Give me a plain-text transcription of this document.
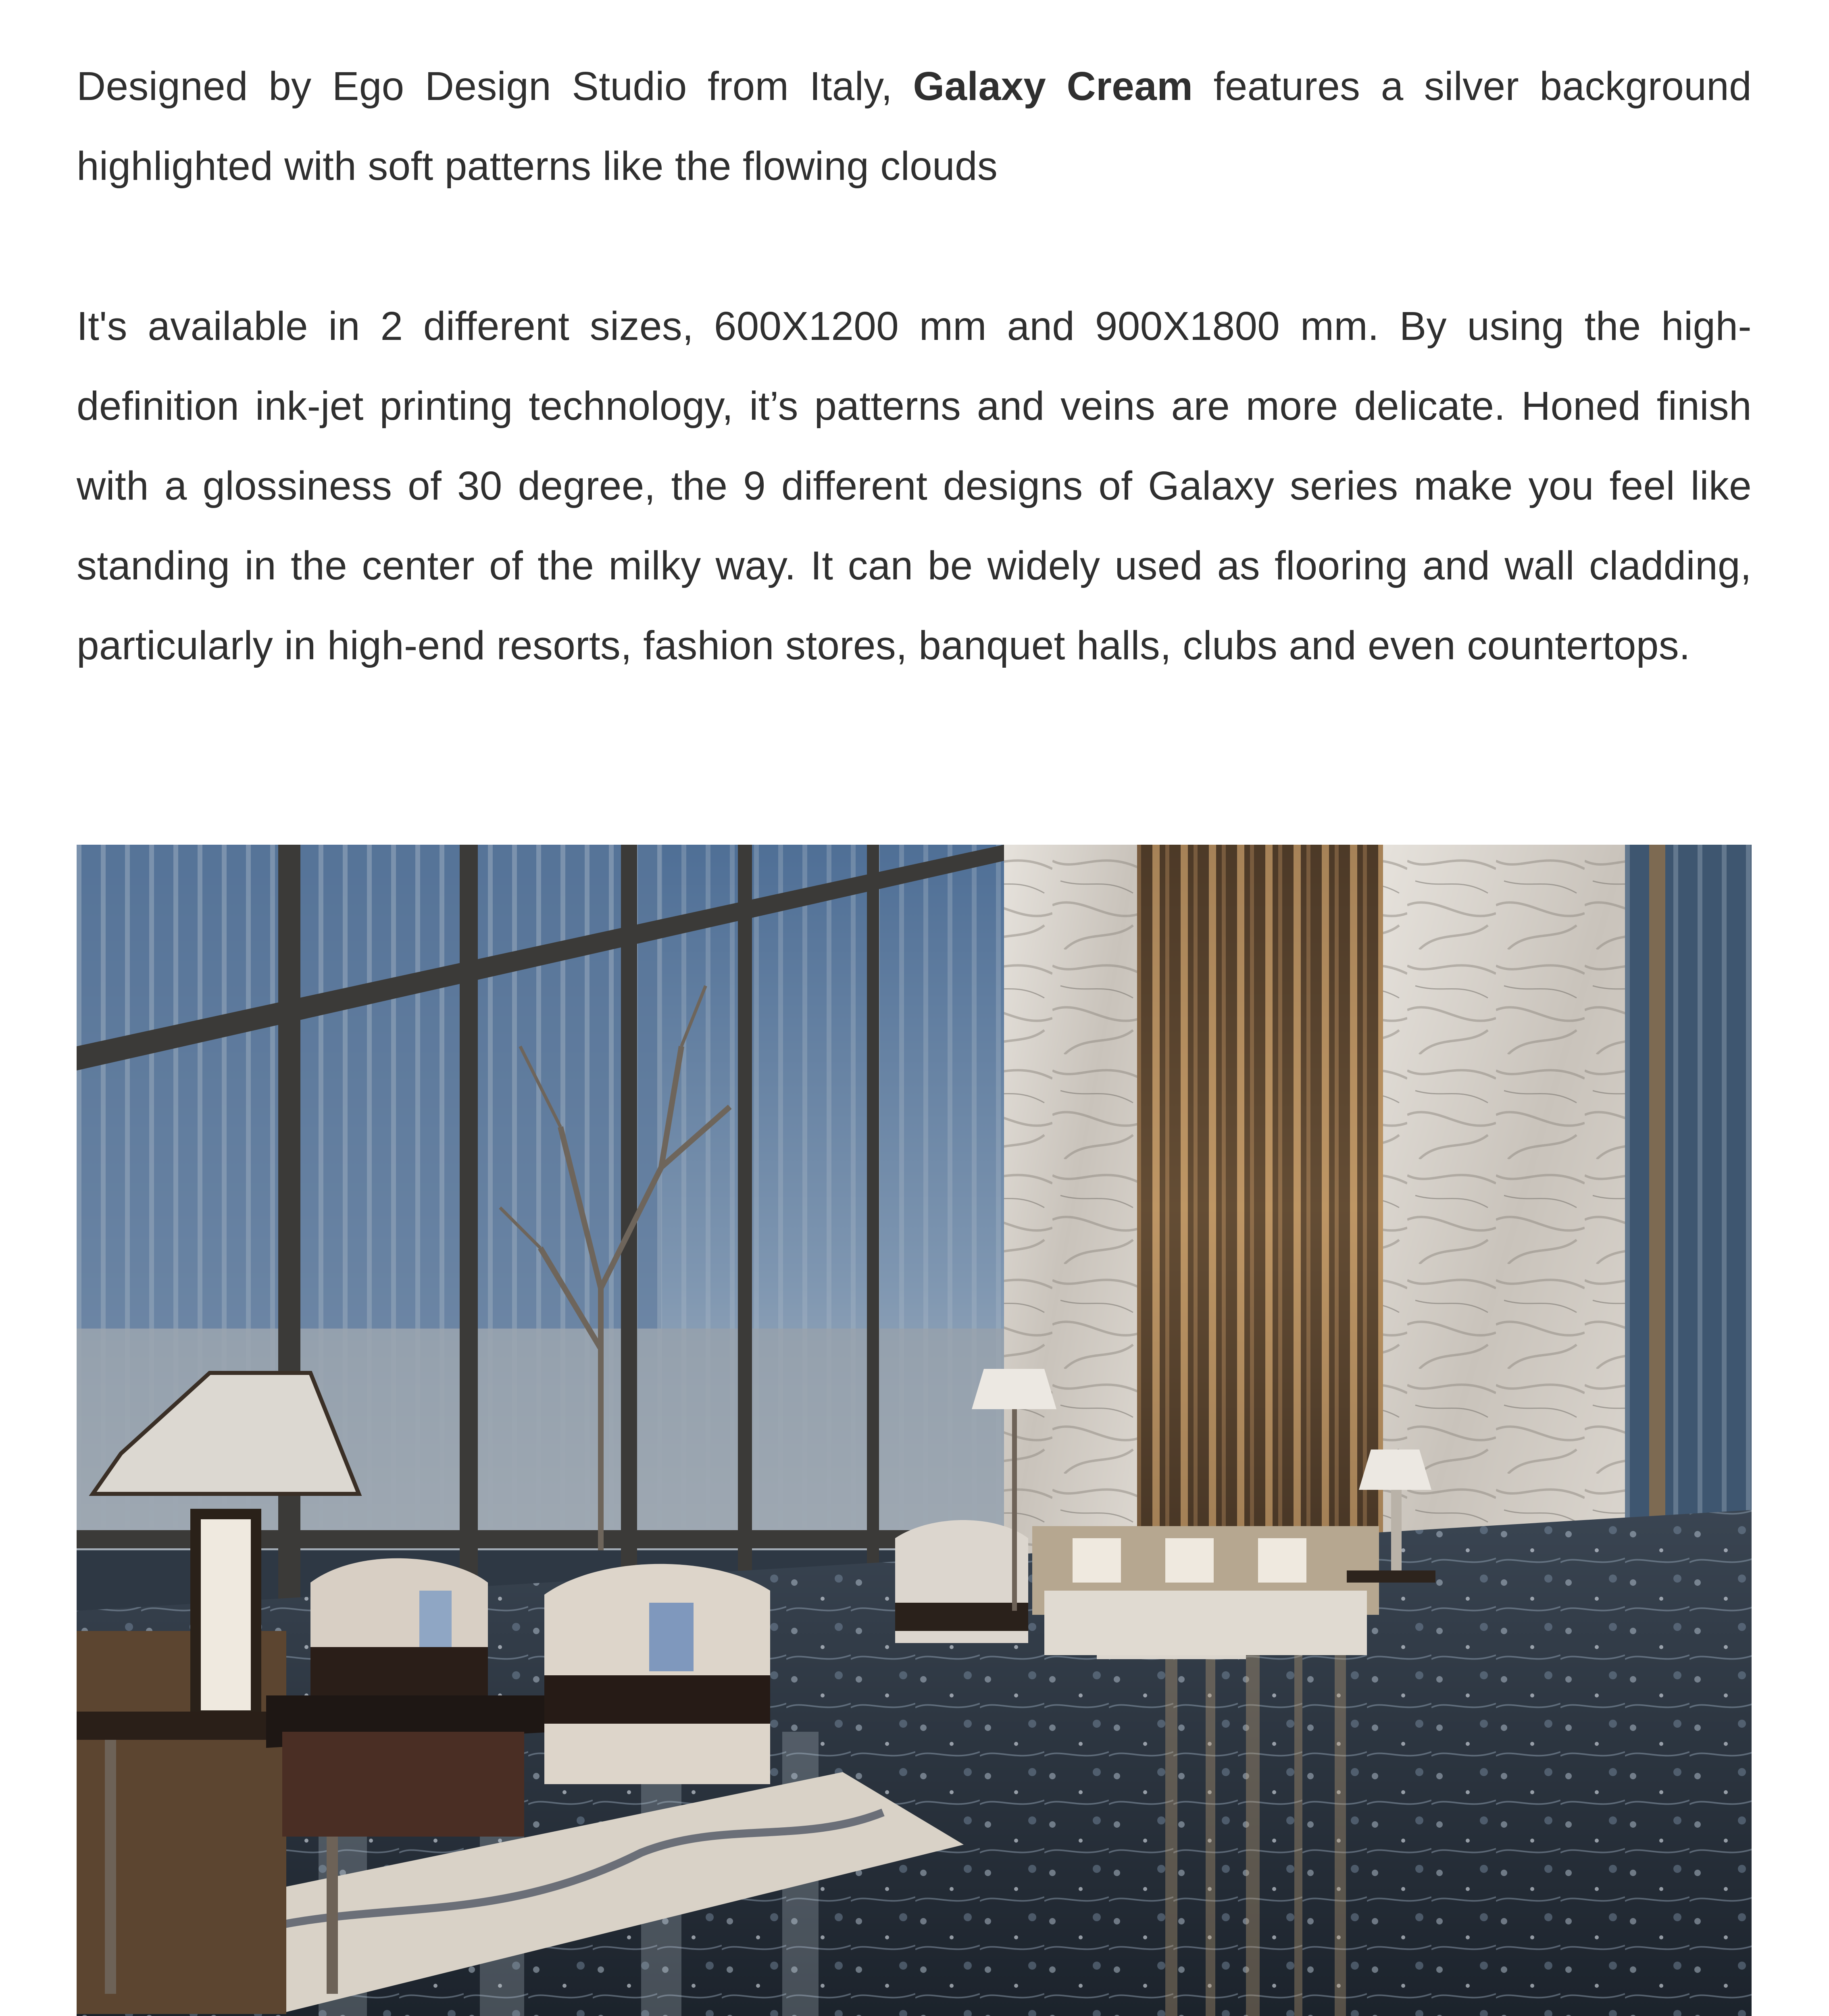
Designed by Ego Design Studio from Italy, Galaxy Cream features a silver background highlighted with soft patterns like the flowing clouds

It's available in 2 different sizes, 600X1200 mm and 900X1800 mm. By using the high-definition ink-jet printing technology, it’s patterns and veins are more delicate. Honed finish with a glossiness of 30 degree, the 9 different designs of Galaxy series make you feel like standing in the center of the milky way. It can be widely used as flooring and wall cladding, particularly in high-end resorts, fashion stores, banquet halls, clubs and even countertops.
